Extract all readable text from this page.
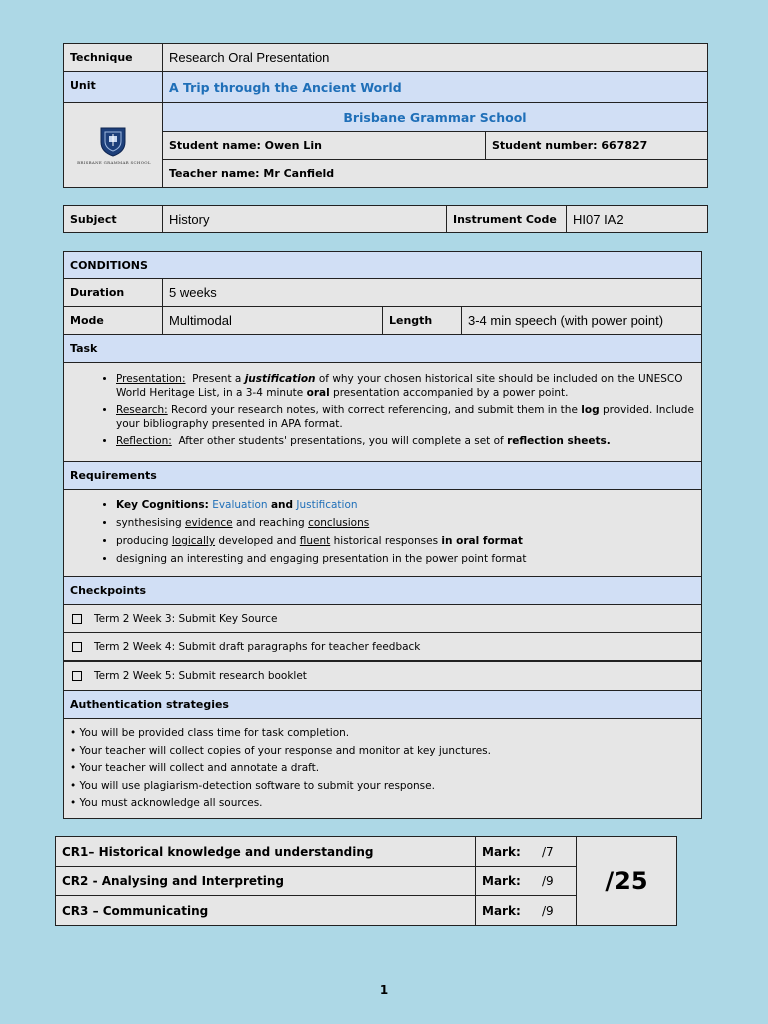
Technique	Research Oral Presentation
Unit	A Trip through the Ancient World
BRISBANE GRAMMAR SCHOOL
Brisbane Grammar School
Student name: Owen Lin	Student number: 667827
Teacher name: Mr Canfield
Subject	History	Instrument Code	HI07 IA2
CONDITIONS
Duration	5 weeks
Mode	Multimodal	Length	3-4 min speech (with power point)
Task
• Presentation: Present a justification of why your chosen historical site should be included on the UNESCO World Heritage List, in a 3-4 minute oral presentation accompanied by a power point.
• Research: Record your research notes, with correct referencing, and submit them in the log provided. Include your bibliography presented in APA format.
• Reflection: After other students' presentations, you will complete a set of reflection sheets.
Requirements
• Key Cognitions: Evaluation and Justification
• synthesising evidence and reaching conclusions
• producing logically developed and fluent historical responses in oral format
• designing an interesting and engaging presentation in the power point format
Checkpoints
Term 2 Week 3: Submit Key Source
Term 2 Week 4: Submit draft paragraphs for teacher feedback
Term 2 Week 5: Submit research booklet
Authentication strategies
• You will be provided class time for task completion.
• Your teacher will collect copies of your response and monitor at key junctures.
• Your teacher will collect and annotate a draft.
• You will use plagiarism-detection software to submit your response.
• You must acknowledge all sources.
CR1– Historical knowledge and understanding	Mark:	/7
CR2 - Analysing and Interpreting	Mark:	/9
CR3 – Communicating	Mark:	/9
/25
1
